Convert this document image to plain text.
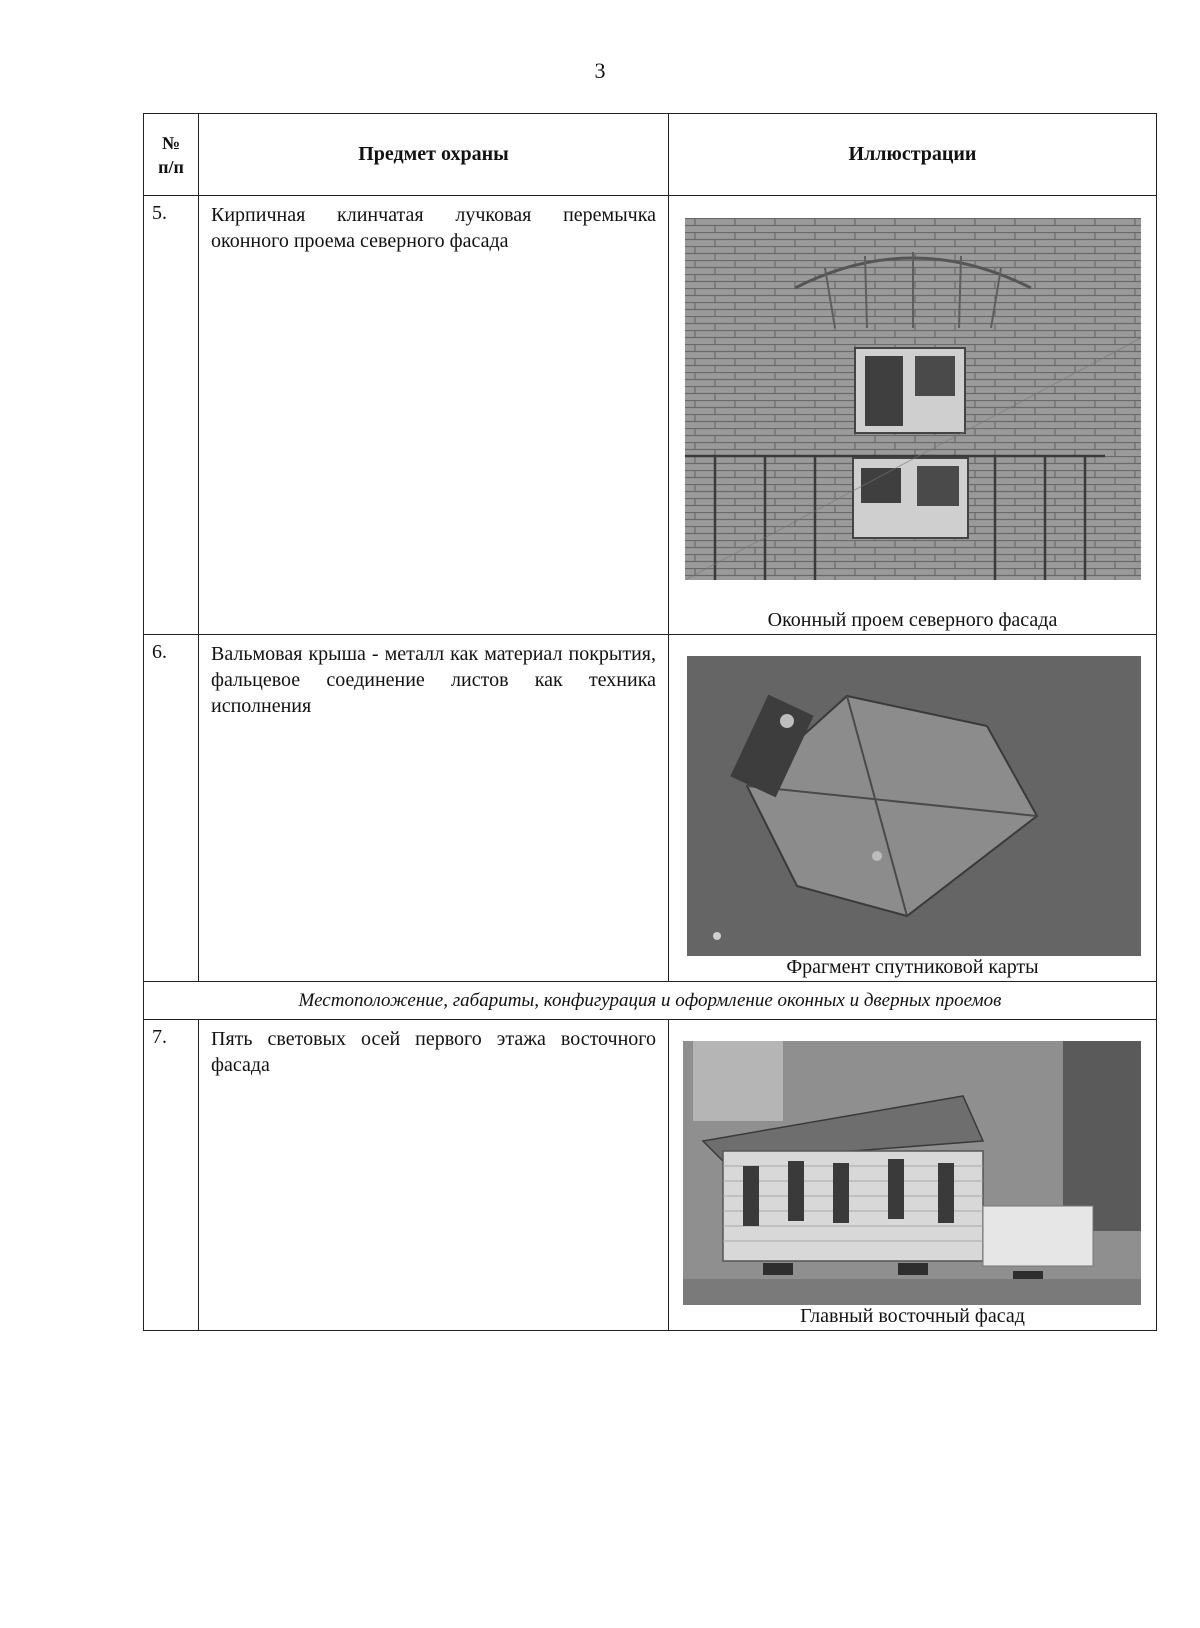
3
№
п/п	Предмет охраны	Иллюстрации
5.	Кирпичная клинчатая лучковая перемычка оконного проема северного фасада	Оконный проем северного фасада

6.	Вальмовая крыша - металл как материал покрытия, фальцевое соединение листов как техника исполнения	Фрагмент спутниковой карты

Местоположение, габариты, конфигурация и оформление оконных и дверных проемов		
7.	Пять световых осей первого этажа восточного фасада	Главный восточный фасад
